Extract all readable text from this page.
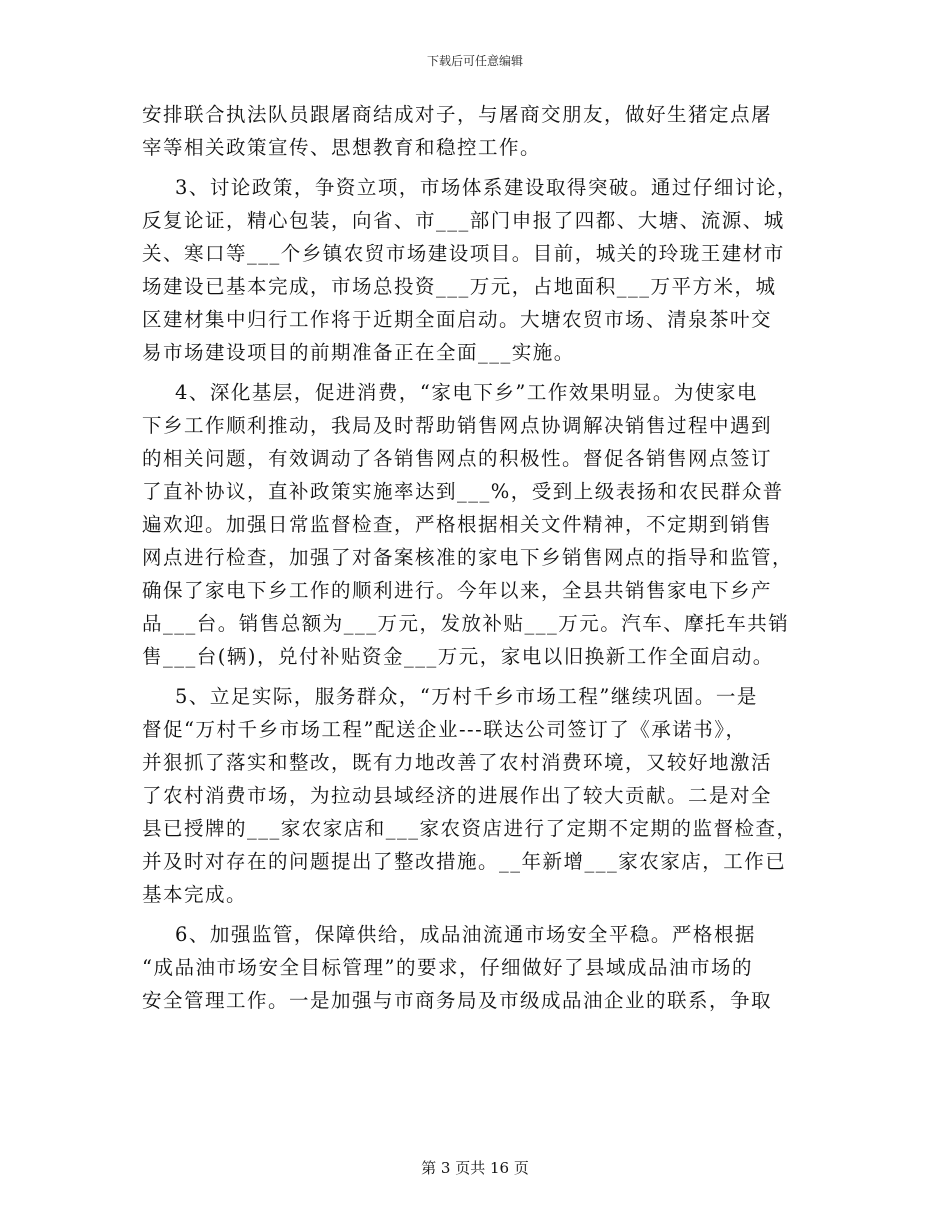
下载后可任意编辑
安排联合执法队员跟屠商结成对子，与屠商交朋友，做好生猪定点屠
宰等相关政策宣传、思想教育和稳控工作。
3、讨论政策，争资立项，市场体系建设取得突破。通过仔细讨论，
反复论证，精心包装，向省、市___部门申报了四都、大塘、流源、城
关、寒口等___个乡镇农贸市场建设项目。目前，城关的玲珑王建材市
场建设已基本完成，市场总投资___万元，占地面积___万平方米，城
区建材集中归行工作将于近期全面启动。大塘农贸市场、清泉茶叶交
易市场建设项目的前期准备正在全面___实施。
4、深化基层，促进消费，“家电下乡”工作效果明显。为使家电
下乡工作顺利推动，我局及时帮助销售网点协调解决销售过程中遇到
的相关问题，有效调动了各销售网点的积极性。督促各销售网点签订
了直补协议，直补政策实施率达到___%，受到上级表扬和农民群众普
遍欢迎。加强日常监督检查，严格根据相关文件精神，不定期到销售
网点进行检查，加强了对备案核准的家电下乡销售网点的指导和监管，
确保了家电下乡工作的顺利进行。今年以来，全县共销售家电下乡产
品___台。销售总额为___万元，发放补贴___万元。汽车、摩托车共销
售___台(辆)，兑付补贴资金___万元，家电以旧换新工作全面启动。
5、立足实际，服务群众，“万村千乡市场工程”继续巩固。一是
督促“万村千乡市场工程”配送企业---联达公司签订了《承诺书》，
并狠抓了落实和整改，既有力地改善了农村消费环境，又较好地激活
了农村消费市场，为拉动县域经济的进展作出了较大贡献。二是对全
县已授牌的___家农家店和___家农资店进行了定期不定期的监督检查，
并及时对存在的问题提出了整改措施。__年新增___家农家店，工作已
基本完成。
6、加强监管，保障供给，成品油流通市场安全平稳。严格根据
“成品油市场安全目标管理”的要求，仔细做好了县域成品油市场的
安全管理工作。一是加强与市商务局及市级成品油企业的联系，争取
第 3 页共 16 页
